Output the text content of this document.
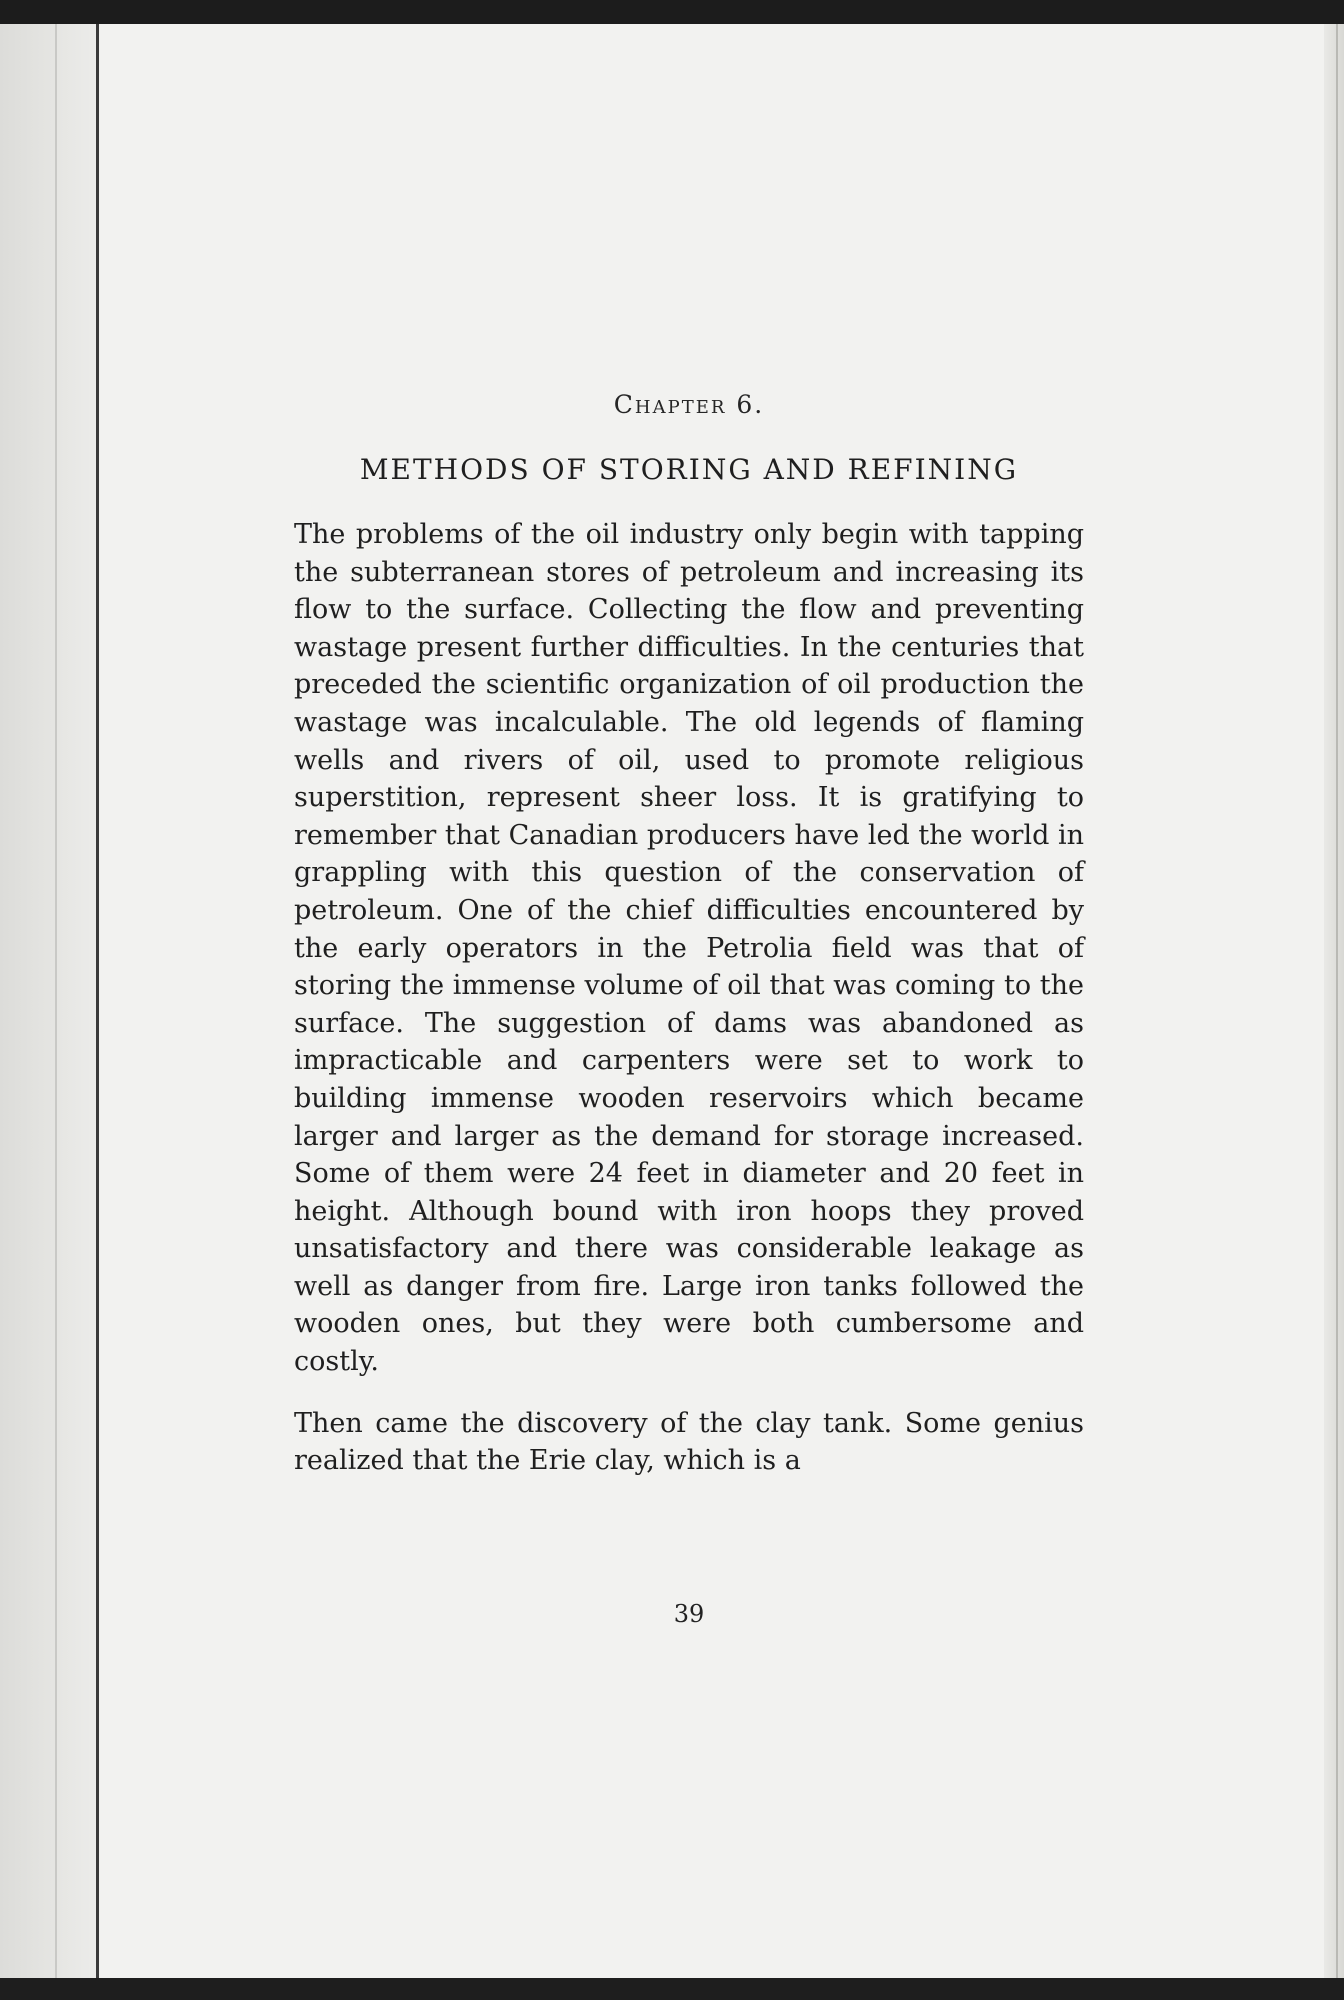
Chapter 6.
METHODS OF STORING AND REFINING

The problems of the oil industry only begin with tapping the subterranean stores of petroleum and increasing its flow to the surface. Collecting the flow and preventing wastage present further difficulties. In the centuries that preceded the scientific organization of oil production the wastage was incalculable. The old legends of flaming wells and rivers of oil, used to promote religious superstition, represent sheer loss. It is gratifying to remember that Canadian producers have led the world in grappling with this question of the conservation of petroleum. One of the chief difficulties encountered by the early operators in the Petrolia field was that of storing the immense volume of oil that was coming to the surface. The suggestion of dams was abandoned as impracticable and carpenters were set to work to building immense wooden reservoirs which became larger and larger as the demand for storage increased. Some of them were 24 feet in diameter and 20 feet in height. Although bound with iron hoops they proved unsatisfactory and there was considerable leakage as well as danger from fire. Large iron tanks followed the wooden ones, but they were both cumbersome and costly.

Then came the discovery of the clay tank. Some genius realized that the Erie clay, which is a

39
